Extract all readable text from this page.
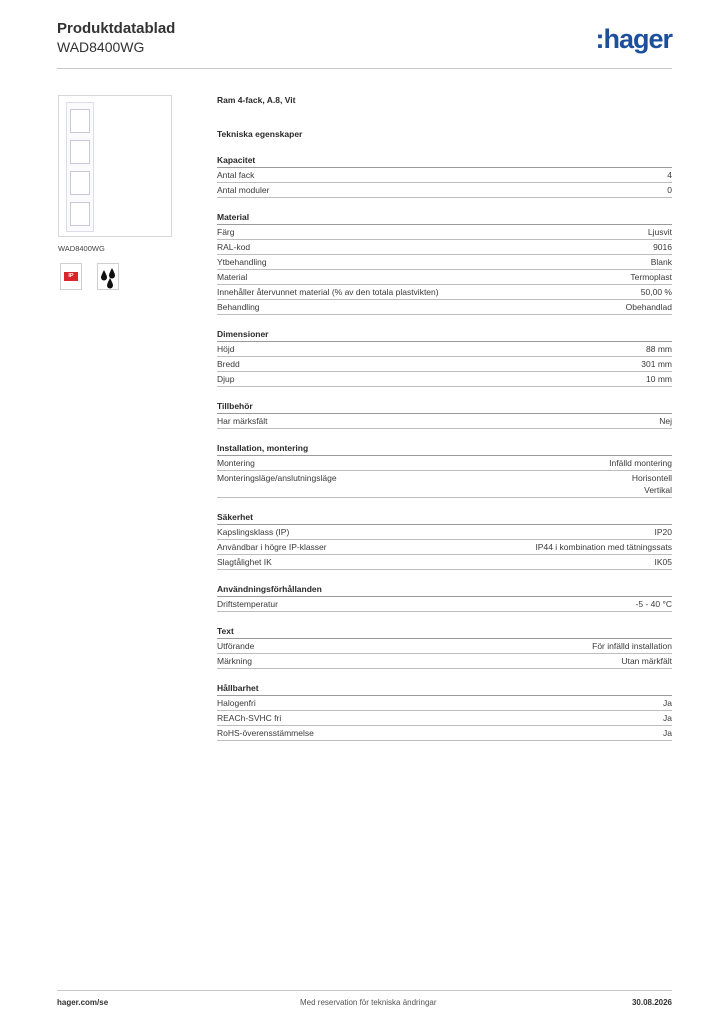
Produktdatablad
WAD8400WG	:hager
WAD8400WG
IP
Ram 4-fack, A.8, Vit
Tekniska egenskaper
Kapacitet
Antal fack	4
Antal moduler	0
Material
Färg	Ljusvit
RAL-kod	9016
Ytbehandling	Blank
Material	Termoplast
Innehåller återvunnet material (% av den totala plastvikten)	50,00 %
Behandling	Obehandlad
Dimensioner
Höjd	88 mm
Bredd	301 mm
Djup	10 mm
Tillbehör
Har märksfält	Nej
Installation, montering
Montering	Infälld montering
Monteringsläge/anslutningsläge	Horisontell
Vertikal
Säkerhet
Kapslingsklass (IP)	IP20
Användbar i högre IP-klasser	IP44 i kombination med tätningssats
Slagtålighet IK	IK05
Användningsförhållanden
Driftstemperatur	-5 - 40 °C
Text
Utförande	För infälld installation
Märkning	Utan märkfält
Hållbarhet
Halogenfri	Ja
REACh-SVHC fri	Ja
RoHS-överensstämmelse	Ja
hager.com/se	Med reservation för tekniska ändringar	30.08.2026
